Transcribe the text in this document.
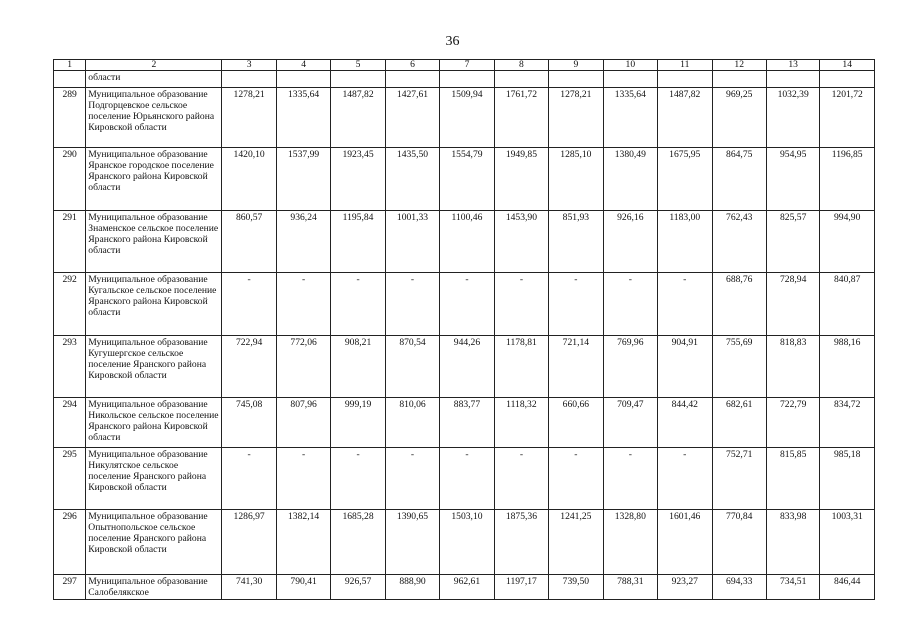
36
1	2	3	4	5	6	7	8	9	10	11	12	13	14
	области												
289	Муниципальное образование Подгорцевское сельское поселение Юрьянского района Кировской области	1278,21	1335,64	1487,82	1427,61	1509,94	1761,72	1278,21	1335,64	1487,82	969,25	1032,39	1201,72
290	Муниципальное образование Яранское городское поселение Яранского района Кировской области	1420,10	1537,99	1923,45	1435,50	1554,79	1949,85	1285,10	1380,49	1675,95	864,75	954,95	1196,85
291	Муниципальное образование Знаменское сельское поселение Яранского района Кировской области	860,57	936,24	1195,84	1001,33	1100,46	1453,90	851,93	926,16	1183,00	762,43	825,57	994,90
292	Муниципальное образование Кугальское сельское поселение Яранского района Кировской области	-	-	-	-	-	-	-	-	-	688,76	728,94	840,87
293	Муниципальное образование Кугушергское сельское поселение Яранского района Кировской области	722,94	772,06	908,21	870,54	944,26	1178,81	721,14	769,96	904,91	755,69	818,83	988,16
294	Муниципальное образование Никольское сельское поселение Яранского района Кировской области	745,08	807,96	999,19	810,06	883,77	1118,32	660,66	709,47	844,42	682,61	722,79	834,72
295	Муниципальное образование Никулятское сельское поселение Яранского района Кировской области	-	-	-	-	-	-	-	-	-	752,71	815,85	985,18
296	Муниципальное образование Опытнопольское сельское поселение Яранского района Кировской области	1286,97	1382,14	1685,28	1390,65	1503,10	1875,36	1241,25	1328,80	1601,46	770,84	833,98	1003,31
297	Муниципальное образование Салобелякское	741,30	790,41	926,57	888,90	962,61	1197,17	739,50	788,31	923,27	694,33	734,51	846,44
